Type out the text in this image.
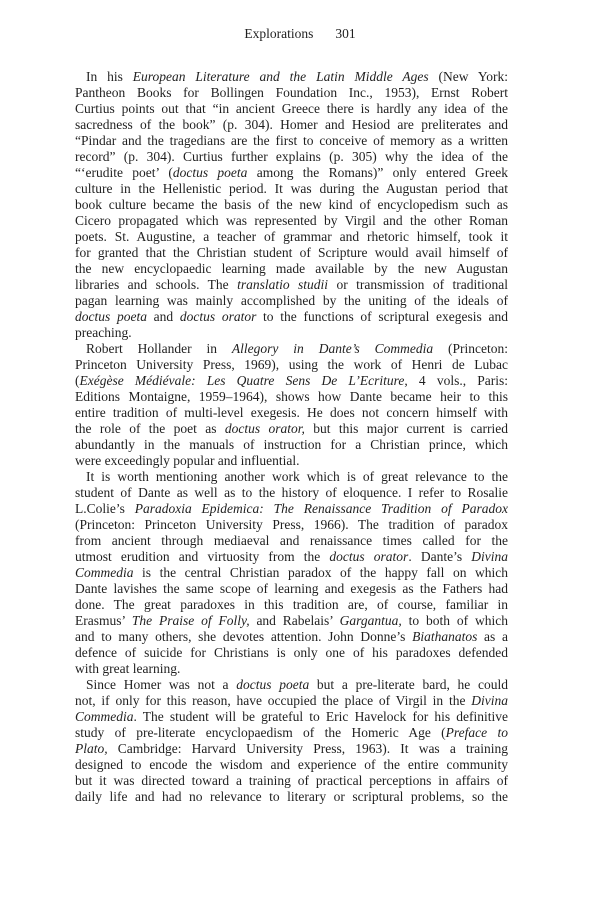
Explorations 301
In his European Literature and the Latin Middle Ages (New York:
Pantheon Books for Bollingen Foundation Inc., 1953), Ernst Robert
Curtius points out that “in ancient Greece there is hardly any idea of the
sacredness of the book” (p. 304). Homer and Hesiod are preliterates and
“Pindar and the tragedians are the first to conceive of memory as a written
record” (p. 304). Curtius further explains (p. 305) why the idea of the
“‘erudite poet’ (doctus poeta among the Romans)” only entered Greek
culture in the Hellenistic period. It was during the Augustan period that
book culture became the basis of the new kind of encyclopedism such as
Cicero propagated which was represented by Virgil and the other Roman
poets. St. Augustine, a teacher of grammar and rhetoric himself, took it
for granted that the Christian student of Scripture would avail himself of
the new encyclopaedic learning made available by the new Augustan
libraries and schools. The translatio studii or transmission of traditional
pagan learning was mainly accomplished by the uniting of the ideals of
doctus poeta and doctus orator to the functions of scriptural exegesis and
preaching.
Robert Hollander in Allegory in Dante’s Commedia (Princeton:
Princeton University Press, 1969), using the work of Henri de Lubac
(Exégèse Médiévale: Les Quatre Sens De L’Ecriture, 4 vols., Paris:
Editions Montaigne, 1959–1964), shows how Dante became heir to this
entire tradition of multi-level exegesis. He does not concern himself with
the role of the poet as doctus orator, but this major current is carried
abundantly in the manuals of instruction for a Christian prince, which
were exceedingly popular and influential.
It is worth mentioning another work which is of great relevance to the
student of Dante as well as to the history of eloquence. I refer to Rosalie
L.Colie’s Paradoxia Epidemica: The Renaissance Tradition of Paradox
(Princeton: Princeton University Press, 1966). The tradition of paradox
from ancient through mediaeval and renaissance times called for the
utmost erudition and virtuosity from the doctus orator. Dante’s Divina
Commedia is the central Christian paradox of the happy fall on which
Dante lavishes the same scope of learning and exegesis as the Fathers had
done. The great paradoxes in this tradition are, of course, familiar in
Erasmus’ The Praise of Folly, and Rabelais’ Gargantua, to both of which
and to many others, she devotes attention. John Donne’s Biathanatos as a
defence of suicide for Christians is only one of his paradoxes defended
with great learning.
Since Homer was not a doctus poeta but a pre-literate bard, he could
not, if only for this reason, have occupied the place of Virgil in the Divina
Commedia. The student will be grateful to Eric Havelock for his definitive
study of pre-literate encyclopaedism of the Homeric Age (Preface to
Plato, Cambridge: Harvard University Press, 1963). It was a training
designed to encode the wisdom and experience of the entire community
but it was directed toward a training of practical perceptions in affairs of
daily life and had no relevance to literary or scriptural problems, so the
